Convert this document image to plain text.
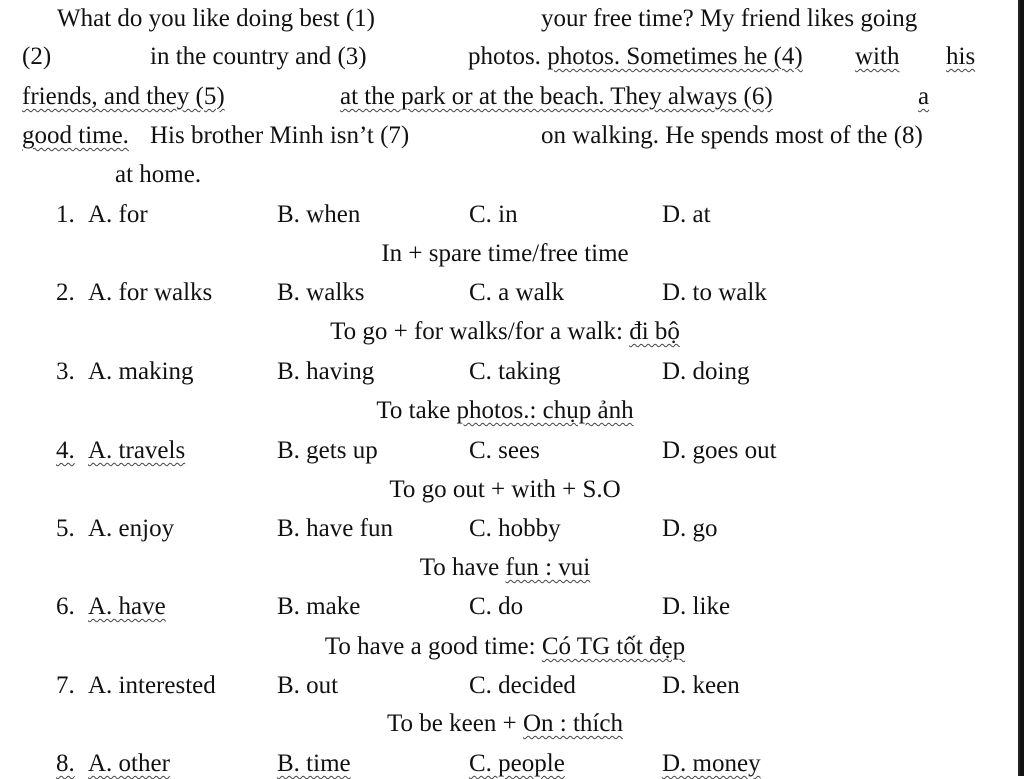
What do you like doing best (1)	your free time? My friend likes going
(2)	in the country and (3)	photos. photos. Sometimes he (4) with his
friends, and they (5)	at the park or at the beach. They always (6)	a
good time. His brother Minh isn’t (7)	on walking. He spends most of the (8)
at home.
1. A. for	B. when	C. in	D. at
In + spare time/free time
2. A. for walks	B. walks	C. a walk	D. to walk
To go + for walks/for a walk: đi bộ
3. A. making	B. having	C. taking	D. doing
To take photos.: chụp ảnh
4. A. travels	B. gets up	C. sees	D. goes out
To go out + with + S.O
5. A. enjoy	B. have fun	C. hobby	D. go
To have fun : vui
6. A. have	B. make	C. do	D. like
To have a good time: Có TG tốt đẹp
7. A. interested B. out	C. decided	D. keen
To be keen + On : thích
8. A. other	B. time	C. people	D. money
